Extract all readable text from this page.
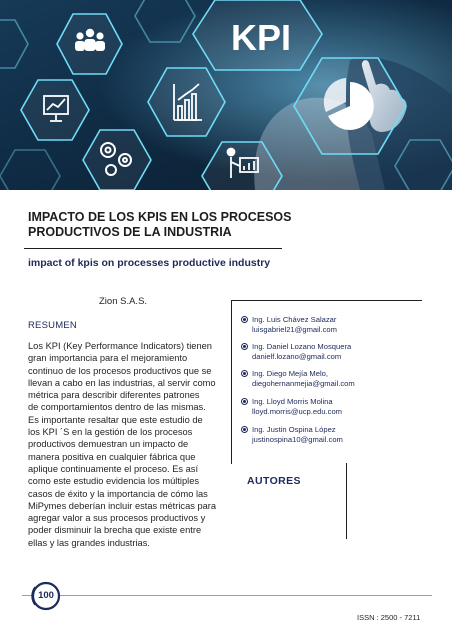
KPI
IMPACTO DE LOS KPIS EN LOS PROCESOS
PRODUCTIVOS DE LA INDUSTRIA
impact of kpis on processes productive industry
Zion S.A.S.
RESUMEN
Los KPI (Key Performance Indicators) tienen
gran importancia para el mejoramiento
continuo de los procesos productivos que se
llevan a cabo en las industrias, al servir como
métrica para describir diferentes patrones
de comportamientos dentro de las mismas.
Es importante resaltar que este estudio de
los KPI ´S en la gestión de los procesos
productivos demuestran un impacto de
manera positiva en cualquier fábrica que
aplique continuamente el proceso. Es así
como este estudio evidencia los múltiples
casos de éxito y la importancia de cómo las
MiPymes deberían incluir estas métricas para
agregar valor a sus procesos productivos y
poder disminuir la brecha que existe entre
ellas y las grandes industrias.
Ing. Luis Chávez Salazar
luisgabriel21@gmail.com
Ing. Daniel Lozano Mosquera
danielf.lozano@gmail.com
Ing. Diego Mejía Melo,
diegohernanmejia@gmail.com
Ing. Lloyd Morris Molina
lloyd.morris@ucp.edu.com
Ing. Justin Ospina López
justinospina10@gmail.com
AUTORES
100
ISSN : 2500 - 7211
